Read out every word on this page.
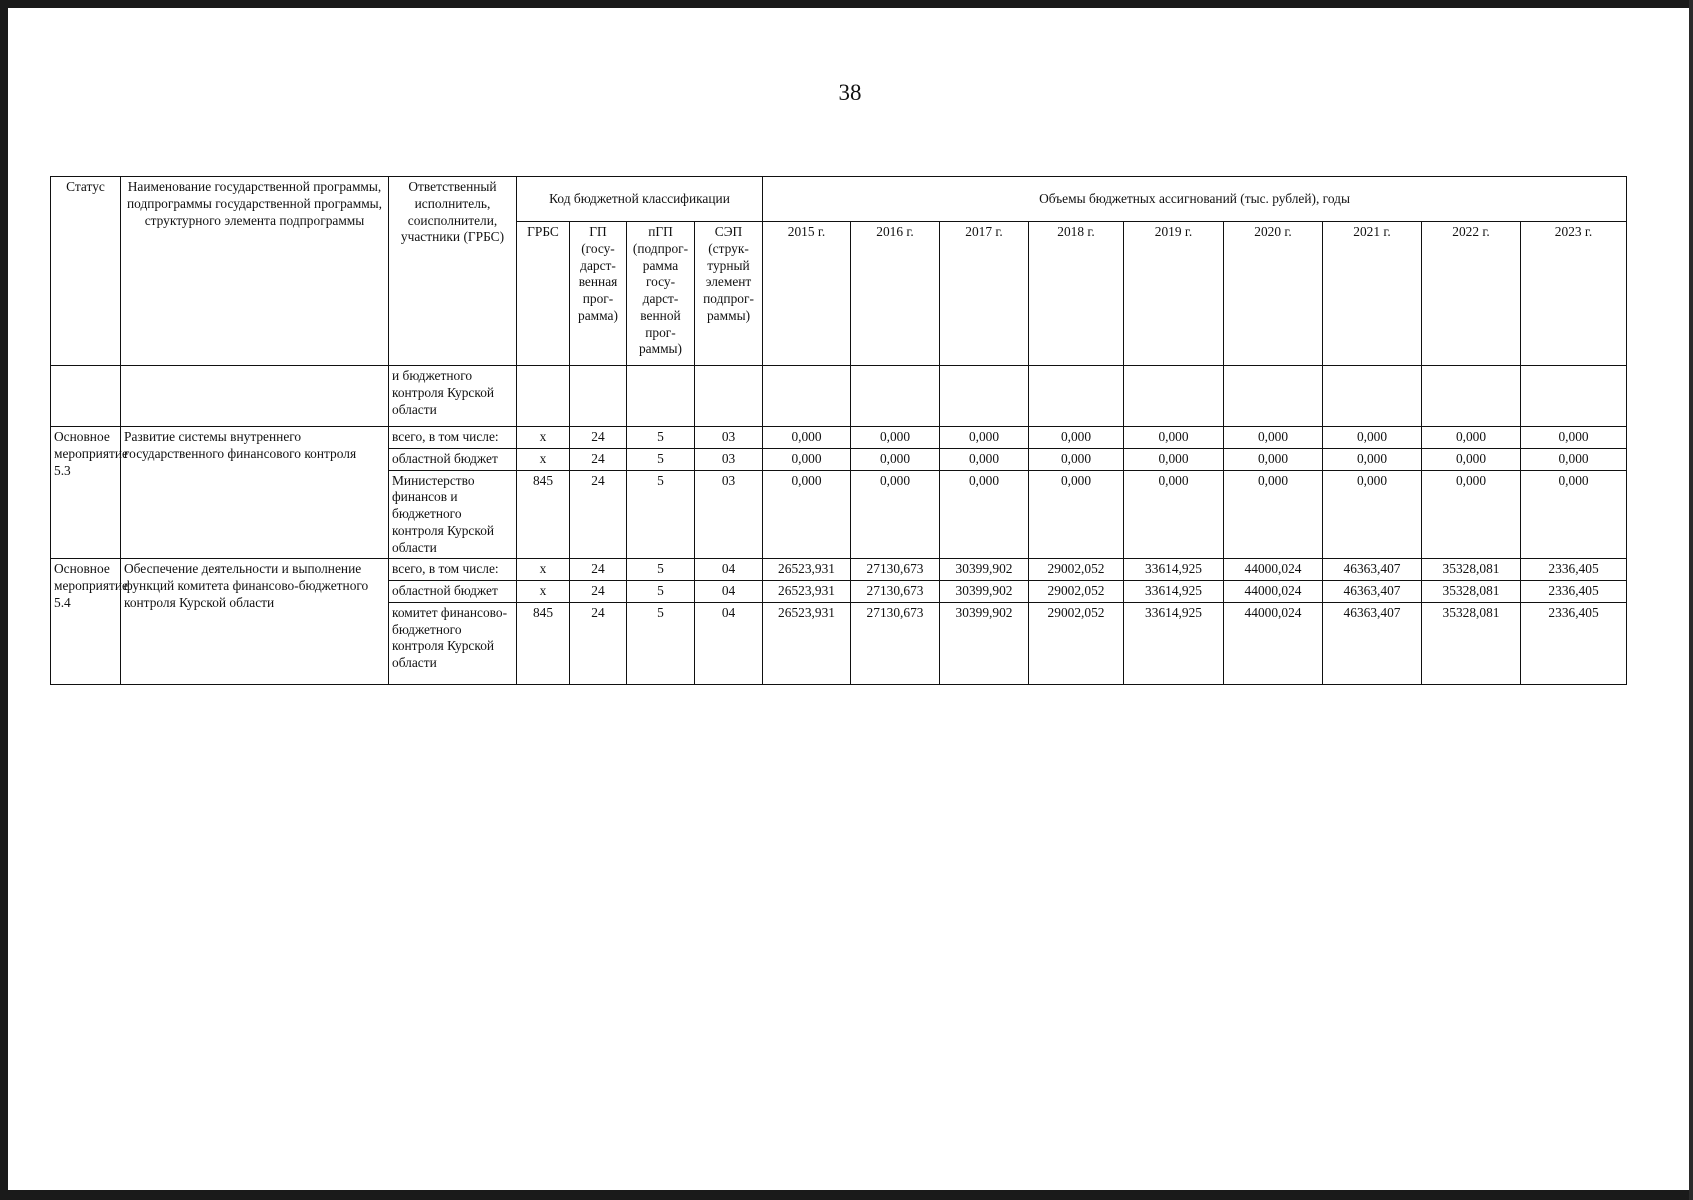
38
Статус	Наименование государственной программы, подпрограммы государственной программы, структурного элемента подпрограммы	Ответственный исполнитель, соисполнители, участники (ГРБС)	Код бюджетной классификации				Объемы бюджетных ассигнований (тыс. рублей), годы								
			ГРБС	ГП (госу-дарст-венная прог-рамма)	пГП (подпрог-рамма госу-дарст-венной прог-раммы)	СЭП (струк-турный элемент подпрог-раммы)	2015 г.	2016 г.	2017 г.	2018 г.	2019 г.	2020 г.	2021 г.	2022 г.	2023 г.
		и бюджетного контроля Курской области													
Основное мероприятие 5.3	Развитие системы внутреннего государственного финансового контроля	всего, в том числе:	x	24	5	03	0,000	0,000	0,000	0,000	0,000	0,000	0,000	0,000	0,000
		областной бюджет	x	24	5	03	0,000	0,000	0,000	0,000	0,000	0,000	0,000	0,000	0,000
		Министерство финансов и бюджетного контроля Курской области	845	24	5	03	0,000	0,000	0,000	0,000	0,000	0,000	0,000	0,000	0,000
Основное мероприятие 5.4	Обеспечение деятельности и выполнение функций комитета финансово-бюджетного контроля Курской области	всего, в том числе:	x	24	5	04	26523,931	27130,673	30399,902	29002,052	33614,925	44000,024	46363,407	35328,081	2336,405
		областной бюджет	x	24	5	04	26523,931	27130,673	30399,902	29002,052	33614,925	44000,024	46363,407	35328,081	2336,405
		комитет финансово-бюджетного контроля Курской области	845	24	5	04	26523,931	27130,673	30399,902	29002,052	33614,925	44000,024	46363,407	35328,081	2336,405
